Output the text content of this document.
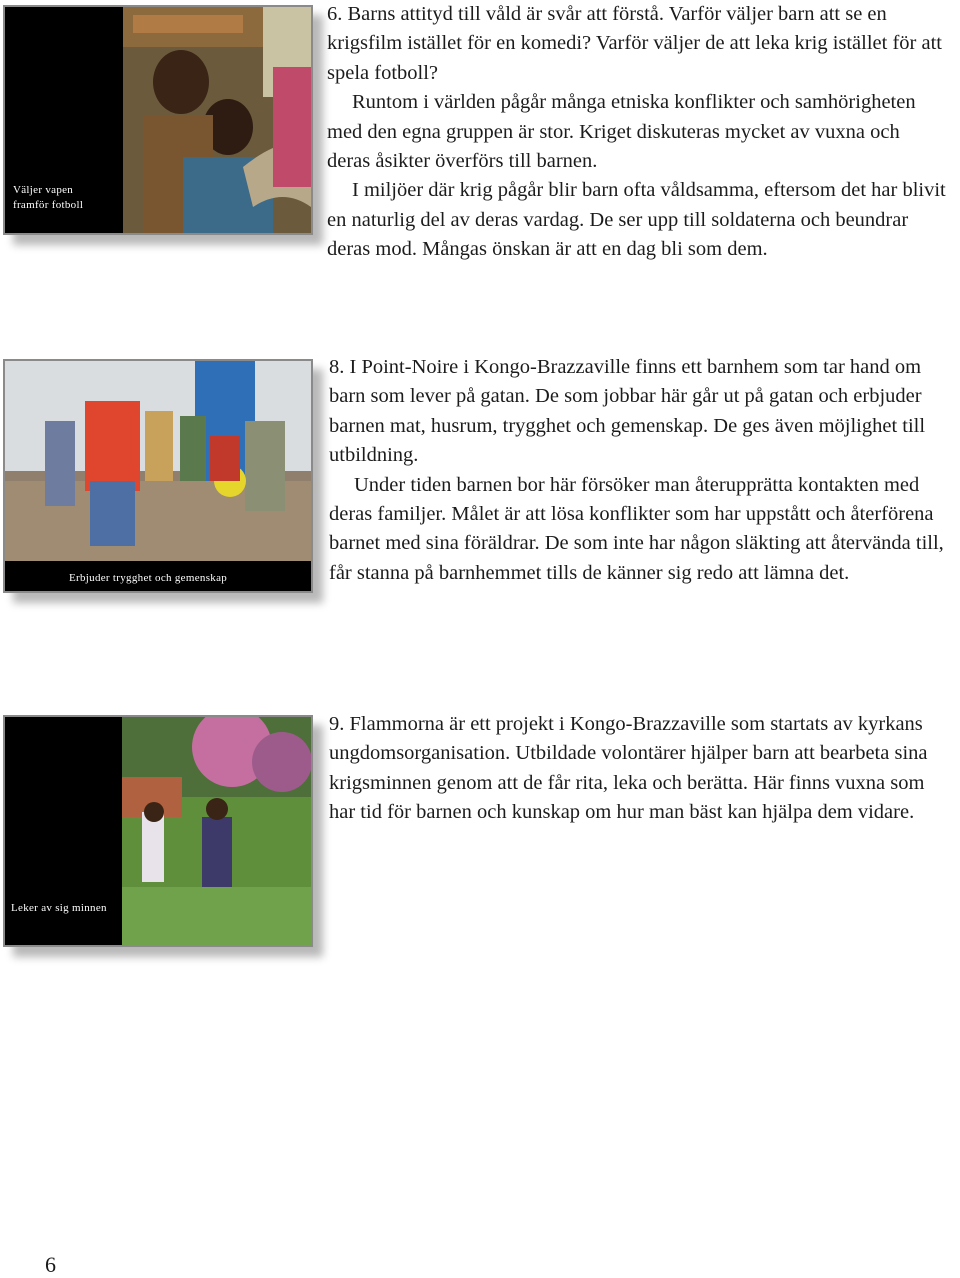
Väljer vapen
framför fotboll

6. Barns attityd till våld är svår att förstå. Varför väljer barn att se en krigsfilm istället för en komedi? Varför väljer de att leka krig istället för att spela fotboll?

Runtom i världen pågår många etniska konflikter och samhörigheten med den egna gruppen är stor. Kriget diskuteras mycket av vuxna och deras åsikter överförs till barnen.

I miljöer där krig pågår blir barn ofta våldsamma, eftersom det har blivit en naturlig del av deras vardag. De ser upp till soldaterna och beundrar deras mod. Mångas önskan är att en dag bli som dem.

Erbjuder trygghet och gemenskap

8. I Point-Noire i Kongo-Brazzaville finns ett barnhem som tar hand om barn som lever på gatan. De som jobbar här går ut på gatan och erbjuder barnen mat, husrum, trygghet och gemenskap. De ges även möjlighet till utbildning.

Under tiden barnen bor här försöker man återupprätta kontakten med deras familjer. Målet är att lösa konflikter som har uppstått och återförena barnet med sina föräldrar. De som inte har någon släkting att återvända till, får stanna på barnhemmet tills de känner sig redo att lämna det.

Leker av sig minnen

9. Flammorna är ett projekt i Kongo-Brazzaville som startats av kyrkans ungdomsorganisation. Utbildade volontärer hjälper barn att bearbeta sina krigsminnen genom att de får rita, leka och berätta. Här finns vuxna som har tid för barnen och kunskap om hur man bäst kan hjälpa dem vidare.

6
